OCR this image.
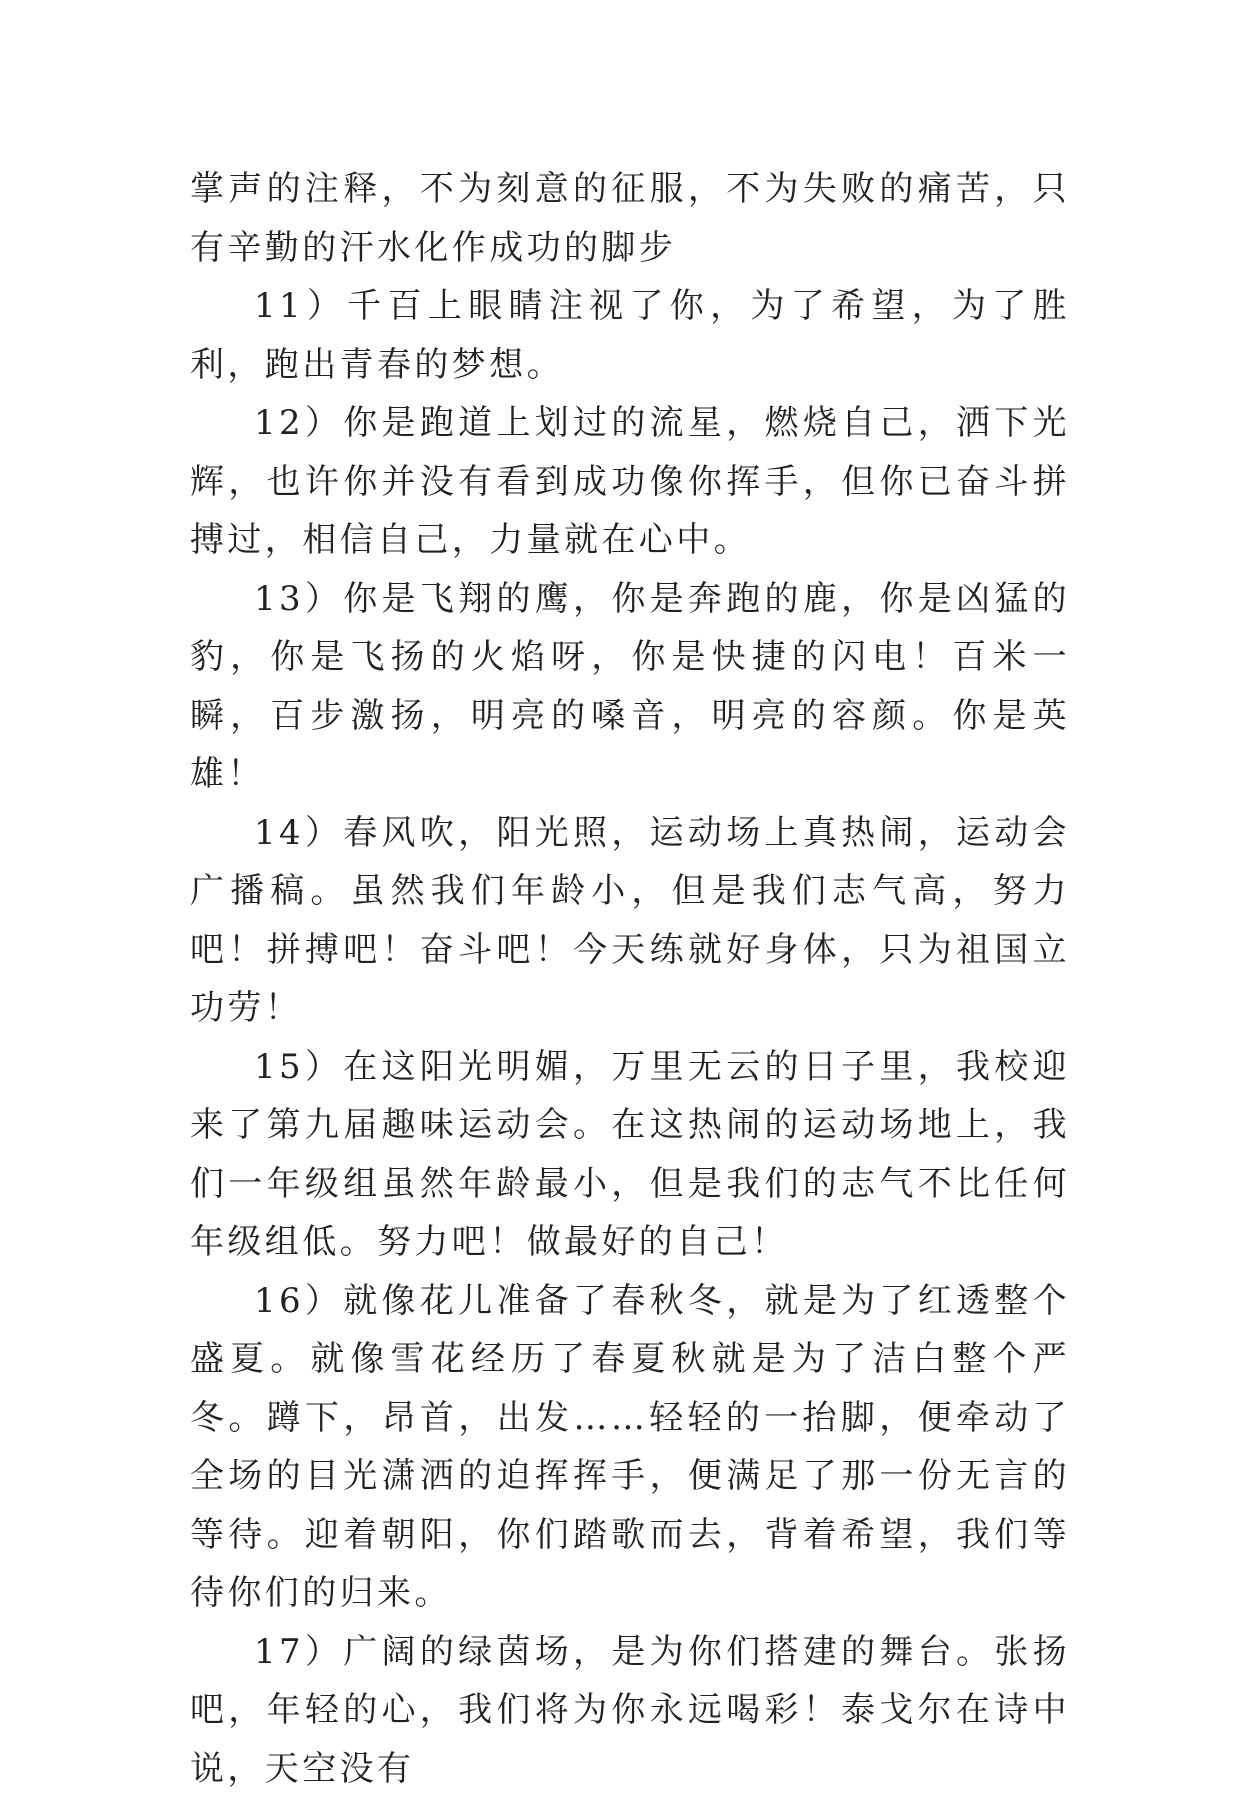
掌声的注释，不为刻意的征服，不为失败的痛苦，只有辛勤的汗水化作成功的脚步

11）千百上眼睛注视了你，为了希望，为了胜利，跑出青春的梦想。

12）你是跑道上划过的流星，燃烧自己，洒下光辉，也许你并没有看到成功像你挥手，但你已奋斗拼搏过，相信自己，力量就在心中。

13）你是飞翔的鹰，你是奔跑的鹿，你是凶猛的豹，你是飞扬的火焰呀，你是快捷的闪电！百米一瞬，百步激扬，明亮的嗓音，明亮的容颜。你是英雄！

14）春风吹，阳光照，运动场上真热闹，运动会广播稿。虽然我们年龄小，但是我们志气高，努力吧！拼搏吧！奋斗吧！今天练就好身体，只为祖国立功劳！

15）在这阳光明媚，万里无云的日子里，我校迎来了第九届趣味运动会。在这热闹的运动场地上，我们一年级组虽然年龄最小，但是我们的志气不比任何年级组低。努力吧！做最好的自己！

16）就像花儿准备了春秋冬，就是为了红透整个盛夏。就像雪花经历了春夏秋就是为了洁白整个严冬。蹲下，昂首，出发……轻轻的一抬脚，便牵动了全场的目光潇洒的迫挥挥手，便满足了那一份无言的等待。迎着朝阳，你们踏歌而去，背着希望，我们等待你们的归来。

17）广阔的绿茵场，是为你们搭建的舞台。张扬吧，年轻的心，我们将为你永远喝彩！泰戈尔在诗中说，天空没有
